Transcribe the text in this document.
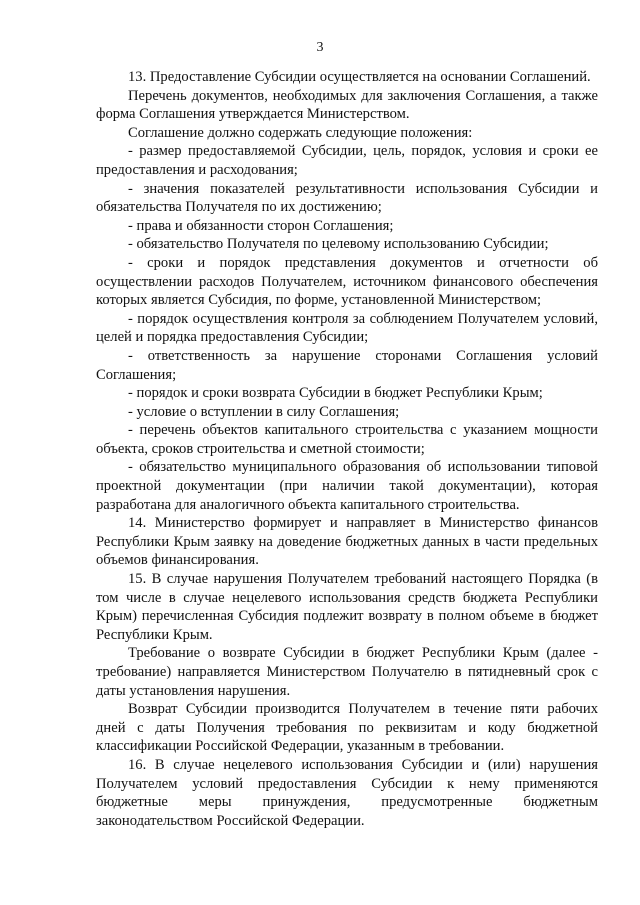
3

13. Предоставление Субсидии осуществляется на основании Соглашений.

Перечень документов, необходимых для заключения Соглашения, а также форма Соглашения утверждается Министерством.

Соглашение должно содержать следующие положения:

- размер предоставляемой Субсидии, цель, порядок, условия и сроки ее предоставления и расходования;

- значения показателей результативности использования Субсидии и обязательства Получателя по их достижению;

- права и обязанности сторон Соглашения;

- обязательство Получателя по целевому использованию Субсидии;

- сроки и порядок представления документов и отчетности об осуществлении расходов Получателем, источником финансового обеспечения которых является Субсидия, по форме, установленной Министерством;

- порядок осуществления контроля за соблюдением Получателем условий, целей и порядка предоставления Субсидии;

- ответственность за нарушение сторонами Соглашения условий Соглашения;

- порядок и сроки возврата Субсидии в бюджет Республики Крым;

- условие о вступлении в силу Соглашения;

- перечень объектов капитального строительства с указанием мощности объекта, сроков строительства и сметной стоимости;

- обязательство муниципального образования об использовании типовой проектной документации (при наличии такой документации), которая разработана для аналогичного объекта капитального строительства.

14. Министерство формирует и направляет в Министерство финансов Республики Крым заявку на доведение бюджетных данных в части предельных объемов финансирования.

15. В случае нарушения Получателем требований настоящего Порядка (в том числе в случае нецелевого использования средств бюджета Республики Крым) перечисленная Субсидия подлежит возврату в полном объеме в бюджет Республики Крым.

Требование о возврате Субсидии в бюджет Республики Крым (далее - требование) направляется Министерством Получателю в пятидневный срок с даты установления нарушения.

Возврат Субсидии производится Получателем в течение пяти рабочих дней с даты Получения требования по реквизитам и коду бюджетной классификации Российской Федерации, указанным в требовании.

16. В случае нецелевого использования Субсидии и (или) нарушения Получателем условий предоставления Субсидии к нему применяются бюджетные меры принуждения, предусмотренные бюджетным законодательством Российской Федерации.
